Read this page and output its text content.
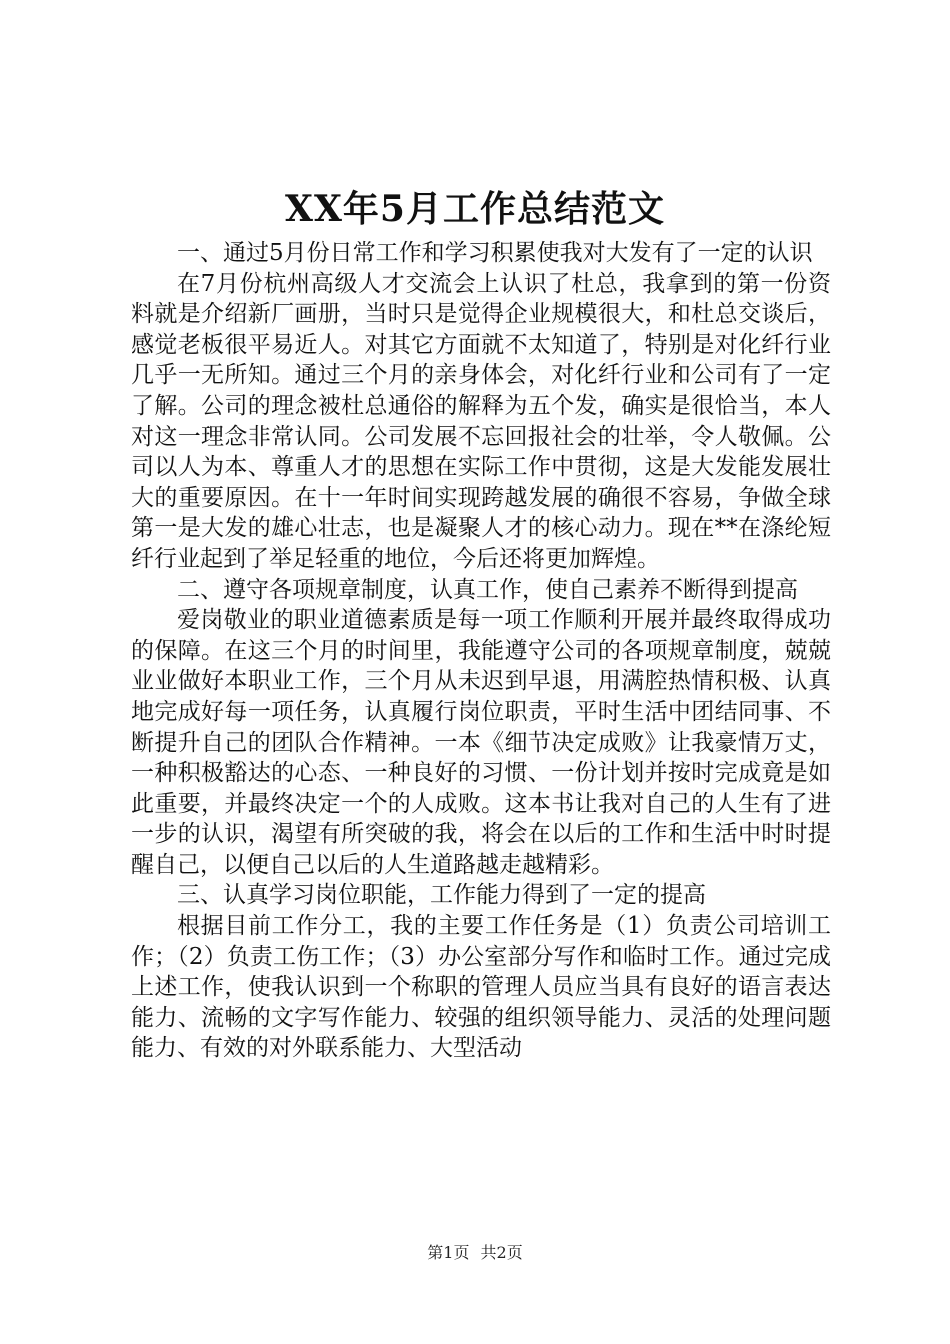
XX年5月工作总结范文

一、通过5月份日常工作和学习积累使我对大发有了一定的认识

在7月份杭州高级人才交流会上认识了杜总，我拿到的第一份资料就是介绍新厂画册，当时只是觉得企业规模很大，和杜总交谈后，感觉老板很平易近人。对其它方面就不太知道了，特别是对化纤行业几乎一无所知。通过三个月的亲身体会，对化纤行业和公司有了一定了解。公司的理念被杜总通俗的解释为五个发，确实是很恰当，本人对这一理念非常认同。公司发展不忘回报社会的壮举，令人敬佩。公司以人为本、尊重人才的思想在实际工作中贯彻，这是大发能发展壮大的重要原因。在十一年时间实现跨越发展的确很不容易，争做全球第一是大发的雄心壮志，也是凝聚人才的核心动力。现在**在涤纶短纤行业起到了举足轻重的地位，今后还将更加辉煌。

二、遵守各项规章制度，认真工作，使自己素养不断得到提高

爱岗敬业的职业道德素质是每一项工作顺利开展并最终取得成功的保障。在这三个月的时间里，我能遵守公司的各项规章制度，兢兢业业做好本职业工作，三个月从未迟到早退，用满腔热情积极、认真地完成好每一项任务，认真履行岗位职责，平时生活中团结同事、不断提升自己的团队合作精神。一本《细节决定成败》让我豪情万丈，一种积极豁达的心态、一种良好的习惯、一份计划并按时完成竟是如此重要，并最终决定一个的人成败。这本书让我对自己的人生有了进一步的认识，渴望有所突破的我，将会在以后的工作和生活中时时提醒自己，以便自己以后的人生道路越走越精彩。

三、认真学习岗位职能，工作能力得到了一定的提高

根据目前工作分工，我的主要工作任务是（1）负责公司培训工作；（2）负责工伤工作；（3）办公室部分写作和临时工作。通过完成上述工作，使我认识到一个称职的管理人员应当具有良好的语言表达能力、流畅的文字写作能力、较强的组织领导能力、灵活的处理问题能力、有效的对外联系能力、大型活动

第1页 共2页
